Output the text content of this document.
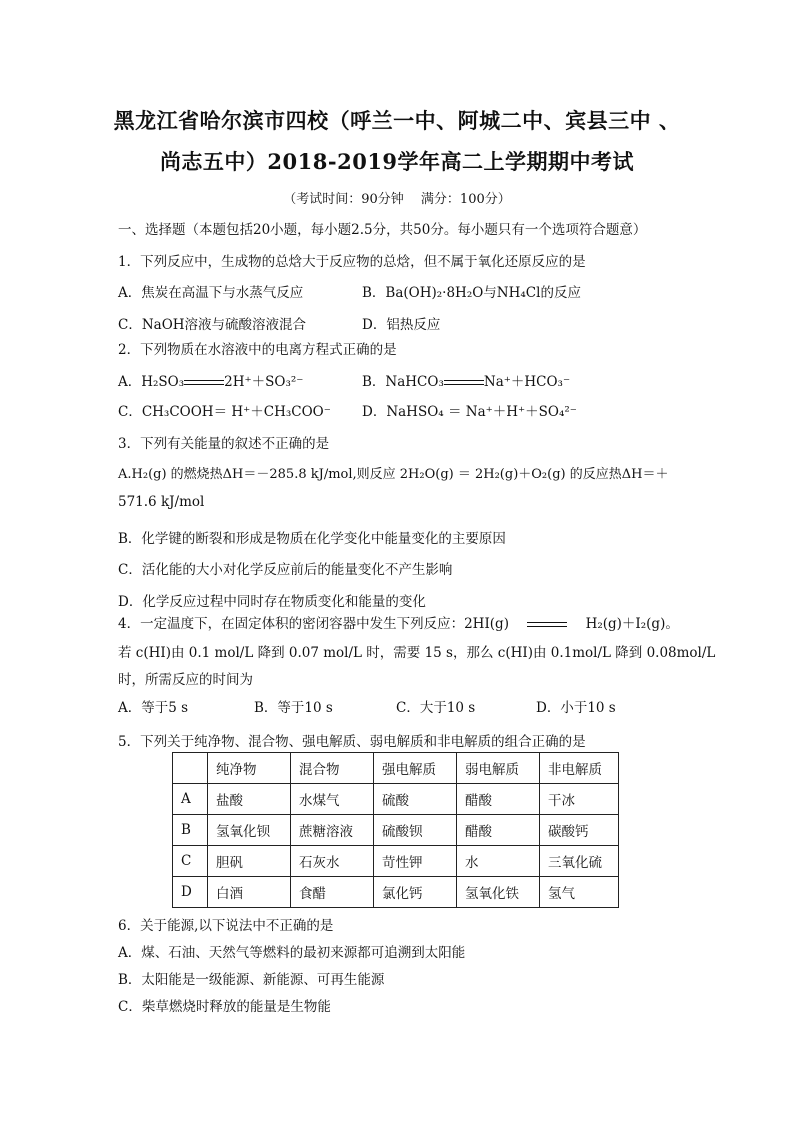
黑龙江省哈尔滨市四校（呼兰一中、阿城二中、宾县三中 、
尚志五中）2018-2019学年高二上学期期中考试
（考试时间：90分钟　 满分：100分）
一、选择题（本题包括20小题，每小题2.5分，共50分。每小题只有一个选项符合题意）
1．下列反应中，生成物的总焓大于反应物的总焓，但不属于氧化还原反应的是
A．焦炭在高温下与水蒸气反应	B．Ba(OH)₂·8H₂O与NH₄Cl的反应
C．NaOH溶液与硫酸溶液混合	D．铝热反应
2．下列物质在水溶液中的电离方程式正确的是
A．H₂SO₃	2H⁺＋SO₃²⁻	B．NaHCO₃	Na⁺＋HCO₃⁻
C．CH₃COOH＝ H⁺＋CH₃COO⁻ D．NaHSO₄ ＝ Na⁺＋H⁺＋SO₄²⁻
3．下列有关能量的叙述不正确的是
A.H₂(g) 的燃烧热ΔH＝－285.8 kJ/mol,则反应 2H₂O(g) ＝ 2H₂(g)＋O₂(g) 的反应热ΔH＝＋
571.6 kJ/mol
B．化学键的断裂和形成是物质在化学变化中能量变化的主要原因
C．活化能的大小对化学反应前后的能量变化不产生影响
D．化学反应过程中同时存在物质变化和能量的变化
4．一定温度下，在固定体积的密闭容器中发生下列反应：2HI(g)	H₂(g)＋I₂(g)。
若 c(HI)由 0.1 mol/L 降到 0.07 mol/L 时，需要 15 s，那么 c(HI)由 0.1mol/L 降到 0.08mol/L
时，所需反应的时间为
A．等于5 s	B．等于10 s	C．大于10 s	D．小于10 s
5．下列关于纯净物、混合物、强电解质、弱电解质和非电解质的组合正确的是
	纯净物	混合物	强电解质	弱电解质	非电解质
A	盐酸	水煤气	硫酸	醋酸	干冰
B	氢氧化钡	蔗糖溶液	硫酸钡	醋酸	碳酸钙
C	胆矾	石灰水	苛性钾	水	三氧化硫
D	白酒	食醋	氯化钙	氢氧化铁	氢气
6．关于能源,以下说法中不正确的是
A．煤、石油、天然气等燃料的最初来源都可追溯到太阳能
B．太阳能是一级能源、新能源、可再生能源
C．柴草燃烧时释放的能量是生物能
